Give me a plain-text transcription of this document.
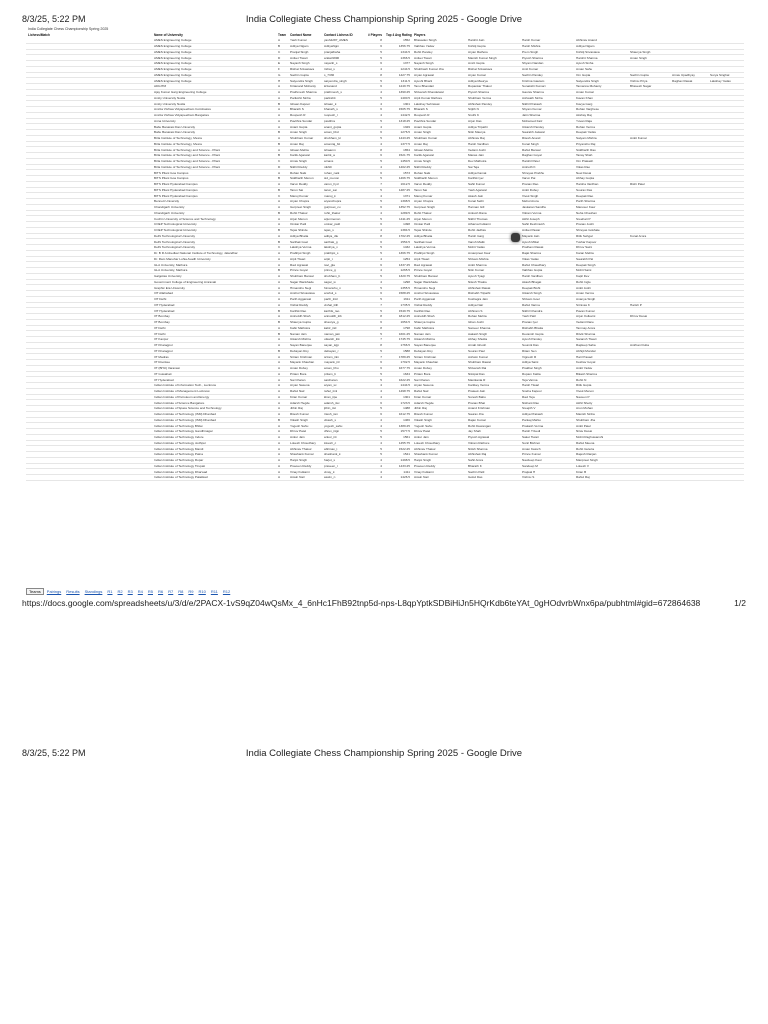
8/3/25, 5:22 PM	India Collegiate Chess Championship Spring 2025 - Google Drive
India Collegiate Chess Championship Spring 2025
Lichess/Match	Name of University	Team Contact Name	Contact Lichess ID	# Players Top 4 Avg Rating Players
AMES Engineering College	A	Yash Kumar	yash4287_AMES	8	1552 Bhavadev Singh	Harshit Jain	Harsh Kumar	Abhinav Anand
AMES Engineering College	B	Aditya Nigam	AdityaNgm	6	1356.75 Vaibhav Yadav	Kshitij Gupta	Harsh Mishra	Aditya Nigam
AMES Engineering College	C	Pranjal Singh	pranjalhaha	5	1344.5 Rohit Pandey	Aryan Rathore	Prem Singh	Kshitij Srivastava	Shaurya Singh
AMES Engineering College	D	Aniket Tiwari	aniket9990	5	1366.5 Aniket Tiwari	Manish Kumar Singh	Piyush Sharma	Harshit Sharma	Aman Singh
AMES Engineering College	E	Nayanh Singh	nayanh_s	6	1377 Nayanh Singh	Amrit Gupta	Shyam Nandan	Ayush Sinha
AMES Engineering College	F	Rishat Srivastava	rishat_s	4	1244.5 Shubhash Kumar Jha	Rishat Srivastava	Amit Kumar	Aman Sahu
AMES Engineering College	G	Sachin Gupta	s_7336	8	1427.75 Aryan Agrawal	Aryan Kumar	Sachin Pandey	Om Gupta	Sachin Gupta	Arnav Upadhyay	Surya Singhal
AMES Engineering College	H	Satyendra Singh	satyendra_singh	5	1311.5 Ayushi Bharti	Aditya Maurya	Krishna Gautam	Satyendra Singh	Vishnu Priya	Raghav Rawat	Lakshay Yadav
ADGITM	A	Kritanand Mohanty	kritanand	6	1249.75 Tanu Bhandari	Rupankar Thakur	Sonakshi Kumari	Tamanna Mohanty	Bhavesh Nagar
Ajay Kumar Garg Engineering College	A	Prathmesh Sharma	prathmesh_s	4	1390.25 Shivansh Khandelwal	Piyush Sharma	Gaurav Sharma	Aman Kumar
Amity University Noida	A	Parikshit Sinha	parikshit	5	1400.5 Arpit Kumar Rathore	Shubham Verma	Ashwath Sinha	Kavan Khan
Amity University Noida	B	Ishaan Kapoor	ishaan_k	4	1301 Lakshay Sehrawat	Abhishek Pandey	Nikhil Prakash	Kavya Garg
Amrita Vishwa Vidyapeetham Coimbatore	A	Bharath S	bharath_s	6	1505.75 Bharath S	Srijith N	Shyam Kumar	Rohan Varghese
Amrita Vishwa Vidyapeetham Bangalore	A	Roopesh R	roopesh_r	4	1442.5 Roopesh R	Sruthi K	Jatin Sharma	Akshay Raj
Anna University	A	Pavithra Sundar	pavithra	5	1318.25 Pavithra Sundar	Arjun Das	Mohamed Faiz	Yuvan Raja
Babu Banarasi Das University	A	Anant Gupta	anant_gupta	4	1329 Anant Gupta	Aditya Tripathi	Utkarsh Pandey	Rohan Verma
Babu Banarasi Das University	B	Aman Singh	aman_bbd	6	1276.5 Aman Singh	Nitin Maurya	Saurabh Jaiswal	Deepak Yadav
Birla Institute of Technology, Mesra	A	Shubham Kumar	shubham_kr	5	1443.25 Shubham Kumar	Abhinav Raj	Ritesh Anand	Satyam Mishra	Ankit Kumar
Birla Institute of Technology, Mesra	B	Aman Raj	amanraj_bit	4	1377.5 Aman Raj	Harsh Vardhan	Kunal Singh	Priyanshu Raj
Birla Institute of Technology and Science - Pilani	A	Ishaan Mehta	ishaanm	8	1654 Ishaan Mehta	Vedant Joshi	Rahul Bansal	Siddharth Rao
Birla Institute of Technology and Science - Pilani	B	Kartik Agarwal	kartik_a	6	1521.75 Kartik Agarwal	Manas Jain	Raghav Goyal	Tanay Shah
Birla Institute of Technology and Science - Pilani	C	Arnav Singh	arnavs	5	1450.5 Arnav Singh	Dev Malhotra	Harshil Patel	Om Prakash
Birla Institute of Technology and Science - Pilani	D	Nikhil Reddy	nikhilr	4	1402.25 Nikhil Reddy	Sai Teja	Anirudh K	Vikas Rao
BITS Pilani Goa Campus	A	Rohan Naik	rohan_naik	6	1573 Rohan Naik	Aditya Kamat	Shreyas Prabhu	Neel Desai
BITS Pilani Goa Campus	B	Siddharth Menon	sid_menon	5	1466.75 Siddharth Menon	Karthik Iyer	Varun Pai	Abhay Gupta
BITS Pilani Hyderabad Campus	A	Varun Reddy	varun_hyd	7	1612.5 Varun Reddy	Sahil Kumar	Pranav Rao	Harsha Vardhan	Rishi Patel
BITS Pilani Hyderabad Campus	B	Tarun Sai	tarun_sai	5	1487.25 Tarun Sai	Yash Agarwal	Ankit Dubey	Sourav Das
BITS Pilani Hyderabad Campus	C	Manoj Kumar	manoj_k	4	1371 Manoj Kumar	Akash Jain	Vivek Singh	Deepak Rao
Bennett University	A	Aryan Chopra	aryanchopra	5	1398.5 Aryan Chopra	Kunal Sethi	Mehul Arora	Parth Sharma
Chandigarh University	A	Gurpreet Singh	gurpreet_cu	6	1352.75 Gurpreet Singh	Harman Gill	Jaskaran Sandhu	Manveer Kaur
Chandigarh University	B	Rohit Thakur	rohit_thakur	4	1289.5 Rohit Thakur	Ankush Rana	Vikram Verma	Neha Chauhan
Cochin University of Science and Technology	A	Arjun Menon	arjunmenon	5	1411.25 Arjun Menon	Nikhil Thomas	Akhil Joseph	Sreehari P
COEP Technological University	A	Omkar Patil	omkar_patil	6	1498 Omkar Patil	Atharva Kulkarni	Sahil Deshmukh	Pranav Joshi
COEP Technological University	B	Tejas Shinde	tejas_s	4	1384.5 Tejas Shinde	Rohit Jadhav	Aniket Pawar	Shreyas Gokhale
Delhi Technological University	A	Aditya Bhatia	aditya_dtu	8	1702.25 Aditya Bhatia	Harsh Garg	Mayank Jain	Ritik Sehgal	Kunal Arora
Delhi Technological University	B	Sarthak Goel	sarthak_g	6	1554.5 Sarthak Goel	Vansh Malik	Ayush Mittal	Tushar Kapoor
Delhi Technological University	C	Lakshya Verma	lakshya_v	5	1432 Lakshya Verma	Mohit Yadav	Pratham Rawat	Dhruv Saini
Dr. B R Ambedkar National Institute of Technology, Jalandhar	A	Prabhjot Singh	prabhjot_s	5	1366.75 Prabhjot Singh	Amanpreet Kaur	Rajat Sharma	Karan Mehta
Dr. Ram Manohar Lohia Avadh University	A	Arpit Tiwari	arpit_t	4	1254 Arpit Tiwari	Shivam Mishra	Vikas Yadav	Saurabh Pal
GLA University, Mathura	A	Ravi Agrawal	ravi_gla	6	1337.25 Ravi Agrawal	Ankit Sharma	Rahul Chaudhary	Deepak Singh
GLA University, Mathura	B	Prince Goyal	prince_g	4	1265.5 Prince Goyal	Nitin Kumar	Vaibhav Gupta	Mohit Saini
Galgotias University	A	Shubham Bansal	shubham_b	5	1320.75 Shubham Bansal	Ayush Tyagi	Harsh Vardhan	Kapil Dev
Government College of Engineering Amravati	A	Sagar Wankhade	sagar_w	4	1298 Sagar Wankhade	Nilesh Thakre	Akash Bhagat	Rohit Ingle
Graphic Era University	A	Himanshu Negi	himanshu_n	5	1355.5 Himanshu Negi	Abhishek Rawat	Deepak Bisht	Ankit Joshi
IIIT Allahabad	A	Anshul Srivastava	anshul_s	6	1588.25 Anshul Srivastava	Rishabh Tripathi	Utkarsh Singh	Aman Verma
IIIT Delhi	A	Parth Aggarwal	parth_iiitd	5	1611 Parth Aggarwal	Kushagra Jain	Shivam Goel	Ananya Singh
IIIT Hyderabad	A	Vishal Reddy	vishal_iiith	7	1735.5 Vishal Reddy	Aditya Nair	Rahul Varma	Srinivas K	Harish P
IIIT Hyderabad	B	Karthik Rao	karthik_rao	5	1549.75 Karthik Rao	Abhiram S	Nikhil Chandra	Pavan Kumar
IIT Bombay	A	Aniruddh Shah	aniruddh_iitb	8	1812.25 Aniruddh Shah	Rohan Mehta	Yash Patil	Arjun Kulkarni	Dhruv Desai
IIT Bombay	B	Shaurya Gupta	shaurya_g	6	1654.5 Shaurya Gupta	Ishan Joshi	Pranav Iyer	Vedant Rane
IIT Delhi	A	Kabir Malhotra	kabir_iitd	8	1798 Kabir Malhotra	Sameer Khanna	Rishabh Bhatia	Tanmay Arora
IIT Delhi	B	Naman Jain	naman_jain	5	1601.25 Naman Jain	Aakash Singh	Devansh Gupta	Ritvik Sharma
IIT Kanpur	A	Utkarsh Mishra	utkarsh_iitk	7	1745.75 Utkarsh Mishra	Abhay Shukla	Ayush Pandey	Saransh Tiwari
IIT Kharagpur	A	Sayan Banerjee	sayan_kgp	8	1766.5 Sayan Banerjee	Arnab Ghosh	Soumik Das	Rajdeep Saha	Anirban Dutta
IIT Kharagpur	B	Debayan Roy	debayan_r	5	1588 Debayan Roy	Sourav Paul	Ritam Sen	Abhijit Mondal
IIT Madras	A	Sriram Krishnan	sriram_iitm	7	1789.25 Sriram Krishnan	Ashwin Kumar	Vignesh R	Hari Prasad
IIT Roorkee	A	Mayank Chauhan	mayank_iitr	6	1702.5 Mayank Chauhan	Shubham Rawat	Aditya Saini	Keshav Goyal
IIT (BHU) Varanasi	A	Aman Dubey	aman_bhu	6	1677.75 Aman Dubey	Shivansh Rai	Prakhar Singh	Ankit Yadav
IIT Guwahati	A	Pritam Bora	pritam_b	5	1634 Pritam Bora	Nilotpal Das	Rupam Kalita	Bikash Sharma
IIT Hyderabad	A	Sai Charan	saicharan	5	1622.25 Sai Charan	Manikanta R	Teja Varma	Rohit N
Indian Institute of Information Tech., Lucknow	A	Aryan Saxena	aryan_sx	4	1444.5 Aryan Saxena	Kartikey Verma	Harsh Tiwari	Ritik Gupta
Indian Institute of Management Lucknow	A	Rahul Nair	rahul_iiml	4	1498.75 Rahul Nair	Prateek Jain	Sneha Kapoor	Vivek Menon
Indian Institute of Petroleum and Energy	A	Kiran Kumar	kiran_iipe	4	1301 Kiran Kumar	Suresh Babu	Ravi Teja	Naveen P
Indian Institute of Science Bangalore	A	Adarsh Hegde	adarsh_iisc	6	1723.5 Adarsh Hegde	Pranav Bhat	Nishant Rao	Akhil Shetty
Indian Institute of Space Science and Technology	A	Jithin Raj	jithin_iist	5	1488 Jithin Raj	Anand Krishnan	Sreejith V	Arun Mohan
Indian Institute of Technology (ISM) Dhanbad	A	Ritesh Kumar	ritesh_ism	6	1612.75 Ritesh Kumar	Saurav Jha	Aditya Prakash	Manish Sinha
Indian Institute of Technology (ISM) Dhanbad	B	Vikash Singh	vikash_s	4	1466 Vikash Singh	Rajan Kumar	Pankaj Mahto	Shubham Jha
Indian Institute of Technology Bhilai	A	Yogesh Sahu	yogesh_sahu	4	1389.25 Yogesh Sahu	Rohit Dewangan	Prakash Verma	Ankit Patel
Indian Institute of Technology Gandhinagar	A	Dhruv Patel	dhruv_iitgn	5	1577.5 Dhruv Patel	Jay Shah	Harsh Trivedi	Nirav Desai
Indian Institute of Technology Indore	A	Ankur Jain	ankur_iiti	5	1561 Ankur Jain	Piyush Agrawal	Saket Tiwari	Mohit Raghuwanshi
Indian Institute of Technology Jodhpur	A	Lokesh Choudhary	lokesh_c	4	1455.75 Lokesh Choudhary	Vikram Rathore	Sunil Bishnoi	Rahul Meena
Indian Institute of Technology Mandi	A	Abhinav Thakur	abhinav_t	5	1522.25 Abhinav Thakur	Nitish Sharma	Aman Katoch	Rohit Guleria
Indian Institute of Technology Patna	A	Shashank Kumar	shashank_k	5	1541 Shashank Kumar	Abhishek Raj	Prince Kumar	Rajesh Ranjan
Indian Institute of Technology Ropar	A	Harjot Singh	harjot_s	4	1498.5 Harjot Singh	Sahil Arora	Navdeep Kaur	Manpreet Singh
Indian Institute of Technology Tirupati	A	Praveen Reddy	praveen_r	4	1433.25 Praveen Reddy	Bharath K	Sandeep M	Lokesh V
Indian Institute of Technology Dharwad	A	Vinay Kulkarni	vinay_k	4	1411 Vinay Kulkarni	Sachin Patil	Prajwal H	Kiran B
Indian Institute of Technology Palakkad	A	Aswin Nair	aswin_n	4	1426.5 Aswin Nair	Gokul Das	Vishnu S	Rahul Raj
Teams Pairings Results Standings R1 R2 R3 R4 R5 R6 R7 R8 R9 R10 R11 R12
https://docs.google.com/spreadsheets/u/3/d/e/2PACX-1vS9qZ04wQsMx_4_6nHc1FhB92tnp5d-nps-L8qpYptkSDBiHiJn5HQrKdb6teYAt_0gHOdvrbWnx6pa/pubhtml#gid=672864638	1/2
8/3/25, 5:22 PM	India Collegiate Chess Championship Spring 2025 - Google Drive
